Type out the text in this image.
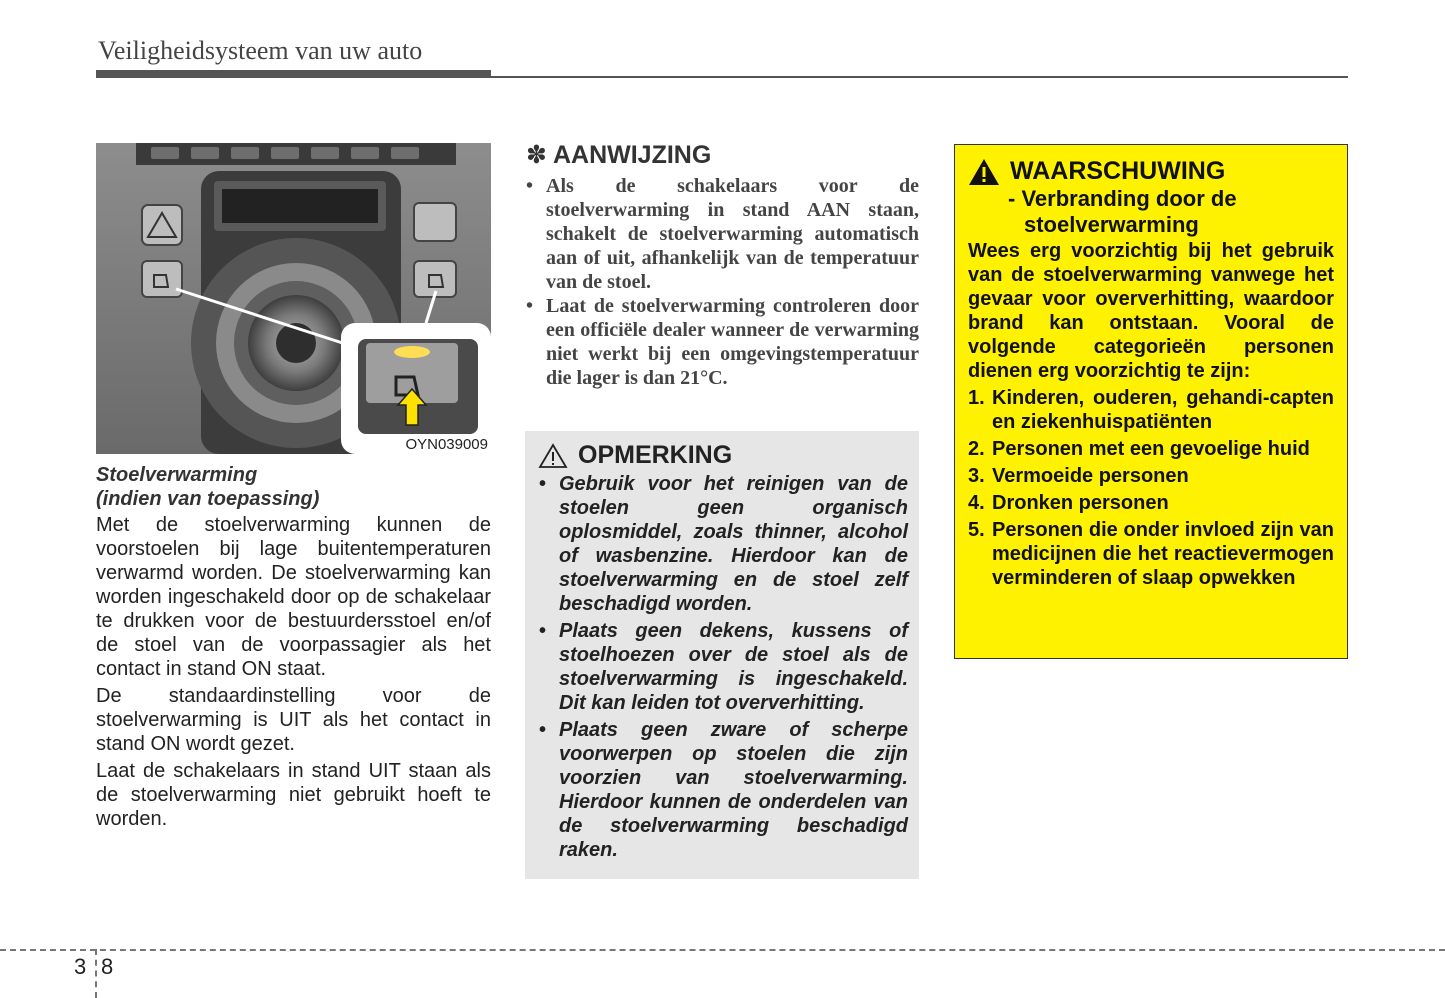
Veiligheidsysteem van uw auto
OYN039009
Stoelverwarming
(indien van toepassing)

Met de stoelverwarming kunnen de voorstoelen bij lage buitentemperaturen verwarmd worden. De stoelverwarming kan worden ingeschakeld door op de schakelaar te drukken voor de bestuurdersstoel en/of de stoel van de voorpassagier als het contact in stand ON staat.

De standaardinstelling voor de stoelverwarming is UIT als het contact in stand ON wordt gezet.

Laat de schakelaars in stand UIT staan als de stoelverwarming niet gebruikt hoeft te worden.

✽ AANWIJZING
• Als de schakelaars voor de stoelverwarming in stand AAN staan, schakelt de stoelverwarming automatisch aan of uit, afhankelijk van de temperatuur van de stoel.
• Laat de stoelverwarming controleren door een officiële dealer wanneer de verwarming niet werkt bij een omgevingstemperatuur die lager is dan 21°C.
OPMERKING
• Gebruik voor het reinigen van de stoelen geen organisch oplosmiddel, zoals thinner, alcohol of wasbenzine. Hierdoor kan de stoelverwarming en de stoel zelf beschadigd worden.
• Plaats geen dekens, kussens of stoelhoezen over de stoel als de stoelverwarming is ingeschakeld. Dit kan leiden tot oververhitting.
• Plaats geen zware of scherpe voorwerpen op stoelen die zijn voorzien van stoelverwarming. Hierdoor kunnen de onderdelen van de stoelverwarming beschadigd raken.
WAARSCHUWING
- Verbranding door de
stoelverwarming
Wees erg voorzichtig bij het gebruik van de stoelverwarming vanwege het gevaar voor oververhitting, waardoor brand kan ontstaan. Vooral de volgende categorieën personen dienen erg voorzichtig te zijn:
1. Kinderen, ouderen, gehandi-capten en ziekenhuispatiënten
2. Personen met een gevoelige huid
3. Vermoeide personen
4. Dronken personen
5. Personen die onder invloed zijn van medicijnen die het reactievermogen verminderen of slaap opwekken
3 8
